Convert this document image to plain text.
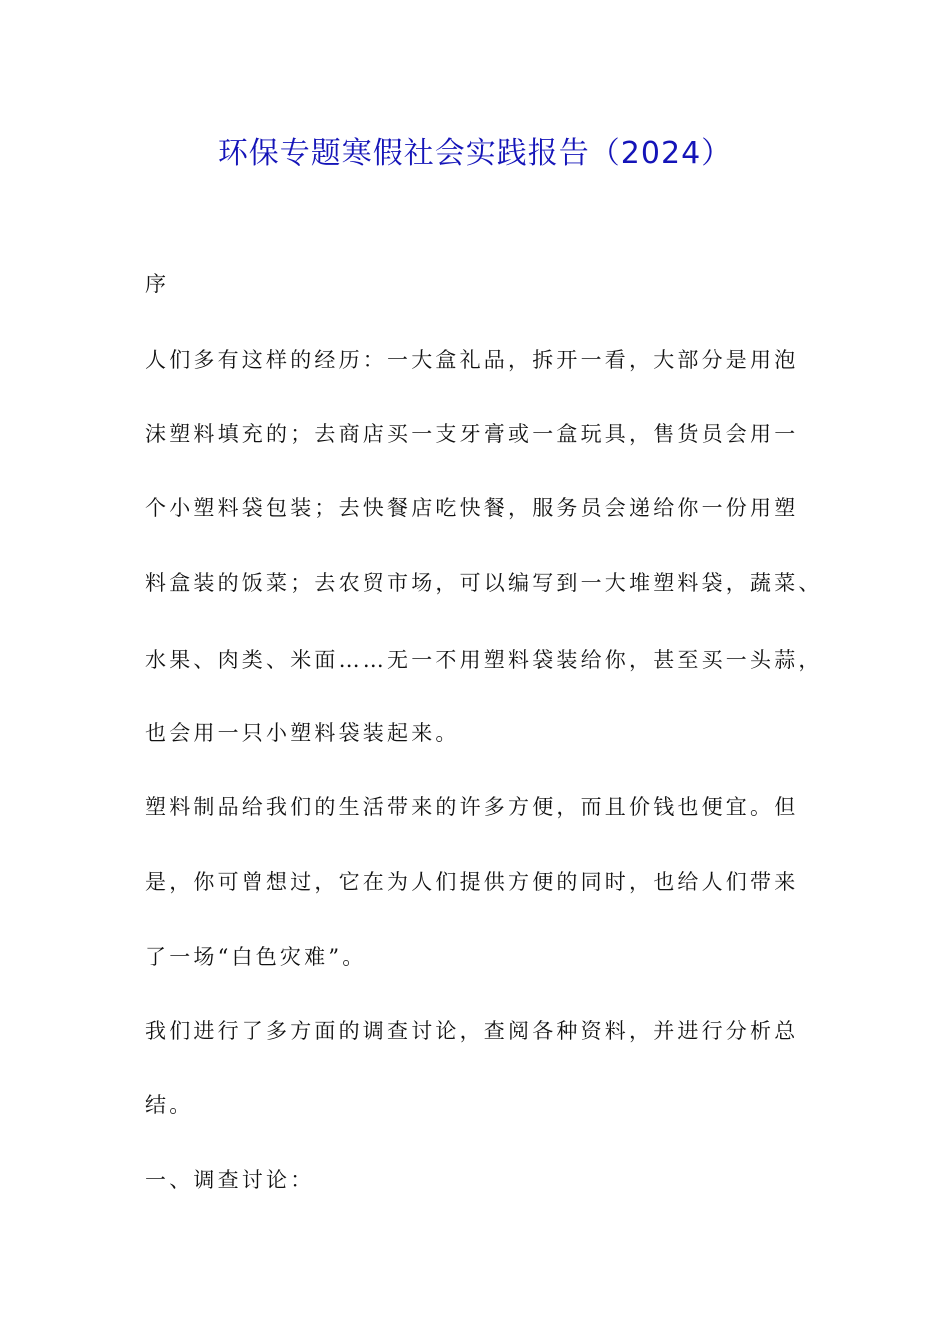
环保专题寒假社会实践报告（2024）
序
人们多有这样的经历：一大盒礼品，拆开一看，大部分是用泡
沫塑料填充的；去商店买一支牙膏或一盒玩具，售货员会用一
个小塑料袋包装；去快餐店吃快餐，服务员会递给你一份用塑
料盒装的饭菜；去农贸市场，可以编写到一大堆塑料袋，蔬菜、
水果、肉类、米面……无一不用塑料袋装给你，甚至买一头蒜，
也会用一只小塑料袋装起来。
塑料制品给我们的生活带来的许多方便，而且价钱也便宜。但
是，你可曾想过，它在为人们提供方便的同时，也给人们带来
了一场“白色灾难”。
我们进行了多方面的调查讨论，查阅各种资料，并进行分析总
结。
一、调查讨论：
